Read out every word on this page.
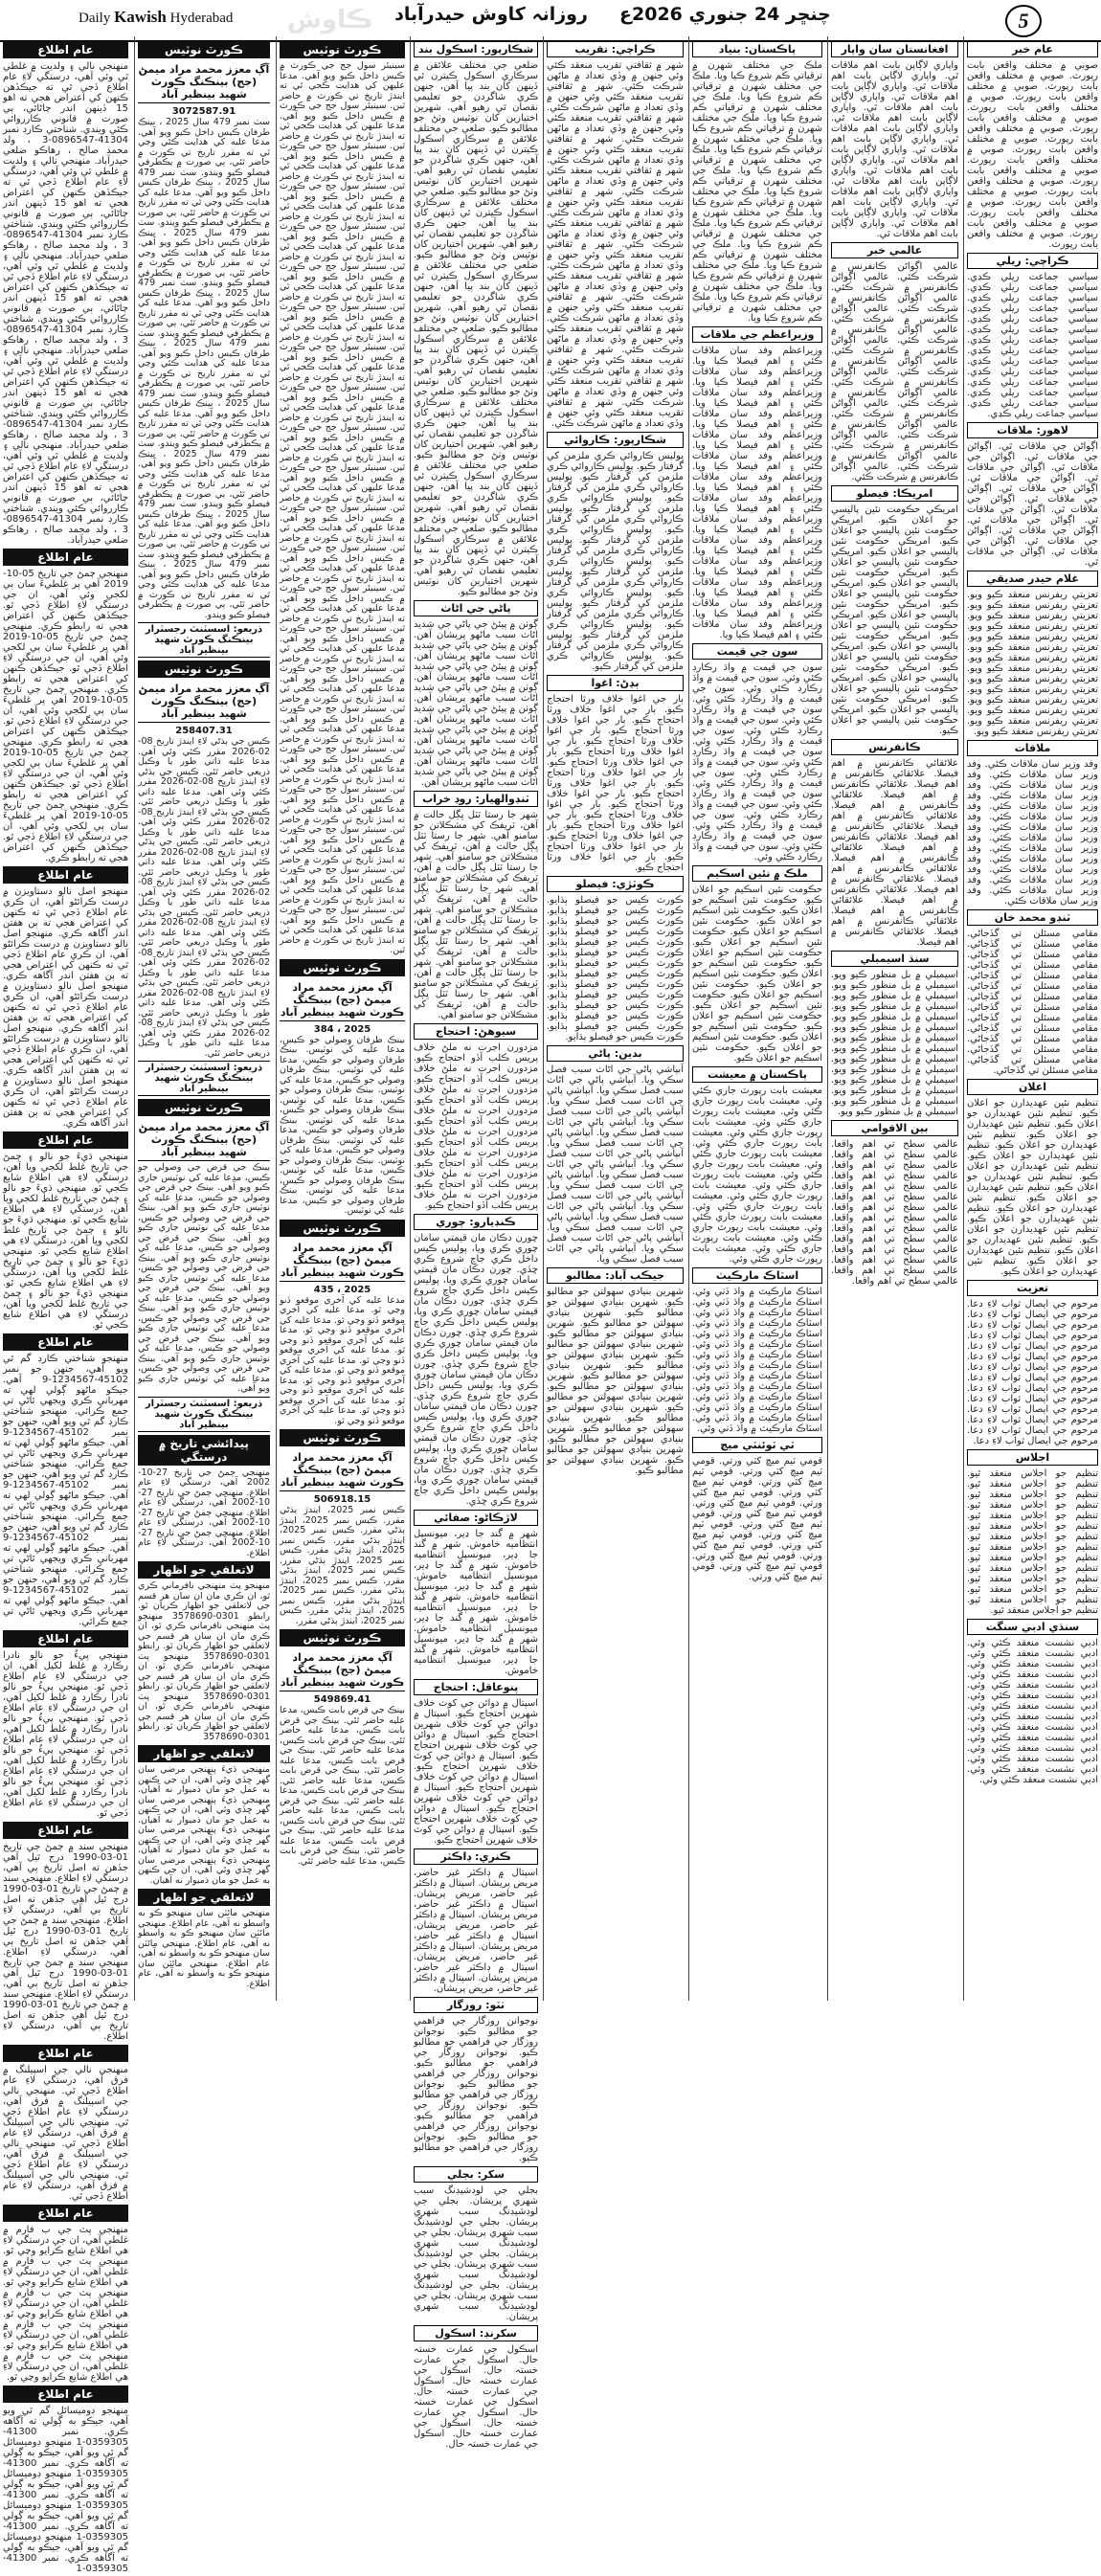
Daily Kawish Hyderabad ڪاوش	چنڇر 24 جنوري 2026ع     روزانہ کاوش حیدرآباد	5
عام اطلاع
منهنجي نالي ۽ ولديت ۾ غلطي ٿي وئي آهي، درستگي لاءِ عام اطلاع ڏجي ٿي ته جيڪڏهن ڪنهن کي اعتراض هجي ته اهو 15 ڏينهن اندر ڄاڻائي، ٻي صورت ۾ قانوني ڪارروائي ڪئي ويندي. شناختي ڪارڊ نمبر 41304-0896547-3 ، ولد محمد صالح ، رهاڪو ضلعي حيدرآباد. منهنجي نالي ۽ ولديت ۾ غلطي ٿي وئي آهي، درستگي لاءِ عام اطلاع ڏجي ٿي ته جيڪڏهن ڪنهن کي اعتراض هجي ته اهو 15 ڏينهن اندر ڄاڻائي، ٻي صورت ۾ قانوني ڪارروائي ڪئي ويندي. شناختي ڪارڊ نمبر 41304-0896547-3 ، ولد محمد صالح ، رهاڪو ضلعي حيدرآباد. منهنجي نالي ۽ ولديت ۾ غلطي ٿي وئي آهي، درستگي لاءِ عام اطلاع ڏجي ٿي ته جيڪڏهن ڪنهن کي اعتراض هجي ته اهو 15 ڏينهن اندر ڄاڻائي، ٻي صورت ۾ قانوني ڪارروائي ڪئي ويندي. شناختي ڪارڊ نمبر 41304-0896547-3 ، ولد محمد صالح ، رهاڪو ضلعي حيدرآباد. منهنجي نالي ۽ ولديت ۾ غلطي ٿي وئي آهي، درستگي لاءِ عام اطلاع ڏجي ٿي ته جيڪڏهن ڪنهن کي اعتراض هجي ته اهو 15 ڏينهن اندر ڄاڻائي، ٻي صورت ۾ قانوني ڪارروائي ڪئي ويندي. شناختي ڪارڊ نمبر 41304-0896547-3 ، ولد محمد صالح ، رهاڪو ضلعي حيدرآباد. منهنجي نالي ۽ ولديت ۾ غلطي ٿي وئي آهي، درستگي لاءِ عام اطلاع ڏجي ٿي ته جيڪڏهن ڪنهن کي اعتراض هجي ته اهو 15 ڏينهن اندر ڄاڻائي، ٻي صورت ۾ قانوني ڪارروائي ڪئي ويندي. شناختي ڪارڊ نمبر 41304-0896547-3 ، ولد محمد صالح ، رهاڪو ضلعي حيدرآباد.
عام اطلاع
منهنجي ڄمڻ جي تاريخ 05-10-2019 آهي پر غلطيءَ سان ٻي لکجي وئي آهي، ان جي درستگي لاءِ اطلاع ڏجي ٿو. جيڪڏهن ڪنهن کي اعتراض هجي ته رابطو ڪري. منهنجي ڄمڻ جي تاريخ 05-10-2019 آهي پر غلطيءَ سان ٻي لکجي وئي آهي، ان جي درستگي لاءِ اطلاع ڏجي ٿو. جيڪڏهن ڪنهن کي اعتراض هجي ته رابطو ڪري. منهنجي ڄمڻ جي تاريخ 05-10-2019 آهي پر غلطيءَ سان ٻي لکجي وئي آهي، ان جي درستگي لاءِ اطلاع ڏجي ٿو. جيڪڏهن ڪنهن کي اعتراض هجي ته رابطو ڪري. منهنجي ڄمڻ جي تاريخ 05-10-2019 آهي پر غلطيءَ سان ٻي لکجي وئي آهي، ان جي درستگي لاءِ اطلاع ڏجي ٿو. جيڪڏهن ڪنهن کي اعتراض هجي ته رابطو ڪري. منهنجي ڄمڻ جي تاريخ 05-10-2019 آهي پر غلطيءَ سان ٻي لکجي وئي آهي، ان جي درستگي لاءِ اطلاع ڏجي ٿو. جيڪڏهن ڪنهن کي اعتراض هجي ته رابطو ڪري.
عام اطلاع
منهنجو اصل نالو دستاويزن ۾ درست ڪرائڻو آهي، ان ڪري عام اطلاع ڏجي ٿي ته ڪنهن کي اعتراض هجي ته ٻن هفتن اندر آگاهه ڪري. منهنجو اصل نالو دستاويزن ۾ درست ڪرائڻو آهي، ان ڪري عام اطلاع ڏجي ٿي ته ڪنهن کي اعتراض هجي ته ٻن هفتن اندر آگاهه ڪري. منهنجو اصل نالو دستاويزن ۾ درست ڪرائڻو آهي، ان ڪري عام اطلاع ڏجي ٿي ته ڪنهن کي اعتراض هجي ته ٻن هفتن اندر آگاهه ڪري. منهنجو اصل نالو دستاويزن ۾ درست ڪرائڻو آهي، ان ڪري عام اطلاع ڏجي ٿي ته ڪنهن کي اعتراض هجي ته ٻن هفتن اندر آگاهه ڪري. منهنجو اصل نالو دستاويزن ۾ درست ڪرائڻو آهي، ان ڪري عام اطلاع ڏجي ٿي ته ڪنهن کي اعتراض هجي ته ٻن هفتن اندر آگاهه ڪري.
عام اطلاع
منهنجي ڌيءَ جو نالو ۽ ڄمڻ جي تاريخ غلط لکجي ويا آهن، درستگي لاءِ هي اطلاع شايع ڪجي ٿو. منهنجي ڌيءَ جو نالو ۽ ڄمڻ جي تاريخ غلط لکجي ويا آهن، درستگي لاءِ هي اطلاع شايع ڪجي ٿو. منهنجي ڌيءَ جو نالو ۽ ڄمڻ جي تاريخ غلط لکجي ويا آهن، درستگي لاءِ هي اطلاع شايع ڪجي ٿو. منهنجي ڌيءَ جو نالو ۽ ڄمڻ جي تاريخ غلط لکجي ويا آهن، درستگي لاءِ هي اطلاع شايع ڪجي ٿو. منهنجي ڌيءَ جو نالو ۽ ڄمڻ جي تاريخ غلط لکجي ويا آهن، درستگي لاءِ هي اطلاع شايع ڪجي ٿو.
عام اطلاع
منهنجو شناختي ڪارڊ گم ٿي ويو آهي، جنهن جو نمبر 45102-1234567-9 آهي. جيڪو ماڻهو ڳولي لهي ته مهرباني ڪري ويجهي ٿاڻي تي جمع ڪرائي. منهنجو شناختي ڪارڊ گم ٿي ويو آهي، جنهن جو نمبر 45102-1234567-9 آهي. جيڪو ماڻهو ڳولي لهي ته مهرباني ڪري ويجهي ٿاڻي تي جمع ڪرائي. منهنجو شناختي ڪارڊ گم ٿي ويو آهي، جنهن جو نمبر 45102-1234567-9 آهي. جيڪو ماڻهو ڳولي لهي ته مهرباني ڪري ويجهي ٿاڻي تي جمع ڪرائي. منهنجو شناختي ڪارڊ گم ٿي ويو آهي، جنهن جو نمبر 45102-1234567-9 آهي. جيڪو ماڻهو ڳولي لهي ته مهرباني ڪري ويجهي ٿاڻي تي جمع ڪرائي. منهنجو شناختي ڪارڊ گم ٿي ويو آهي، جنهن جو نمبر 45102-1234567-9 آهي. جيڪو ماڻهو ڳولي لهي ته مهرباني ڪري ويجهي ٿاڻي تي جمع ڪرائي.
عام اطلاع
منهنجي پيءُ جو نالو نادرا رڪارڊ ۾ غلط لکيل آهي، ان جي درستگي لاءِ عام اطلاع ڏجي ٿو. منهنجي پيءُ جو نالو نادرا رڪارڊ ۾ غلط لکيل آهي، ان جي درستگي لاءِ عام اطلاع ڏجي ٿو. منهنجي پيءُ جو نالو نادرا رڪارڊ ۾ غلط لکيل آهي، ان جي درستگي لاءِ عام اطلاع ڏجي ٿو. منهنجي پيءُ جو نالو نادرا رڪارڊ ۾ غلط لکيل آهي، ان جي درستگي لاءِ عام اطلاع ڏجي ٿو. منهنجي پيءُ جو نالو نادرا رڪارڊ ۾ غلط لکيل آهي، ان جي درستگي لاءِ عام اطلاع ڏجي ٿو.
عام اطلاع
منهنجي سند ۾ ڄمڻ جي تاريخ 01-03-1990 درج ٿيل آهي جڏهن ته اصل تاريخ ٻي آهي، درستگي لاءِ اطلاع. منهنجي سند ۾ ڄمڻ جي تاريخ 01-03-1990 درج ٿيل آهي جڏهن ته اصل تاريخ ٻي آهي، درستگي لاءِ اطلاع. منهنجي سند ۾ ڄمڻ جي تاريخ 01-03-1990 درج ٿيل آهي جڏهن ته اصل تاريخ ٻي آهي، درستگي لاءِ اطلاع. منهنجي سند ۾ ڄمڻ جي تاريخ 01-03-1990 درج ٿيل آهي جڏهن ته اصل تاريخ ٻي آهي، درستگي لاءِ اطلاع. منهنجي سند ۾ ڄمڻ جي تاريخ 01-03-1990 درج ٿيل آهي جڏهن ته اصل تاريخ ٻي آهي، درستگي لاءِ اطلاع.
عام اطلاع
منهنجي نالي جي اسپيلنگ ۾ فرق آهي، درستگي لاءِ عام اطلاع ڏجي ٿي. منهنجي نالي جي اسپيلنگ ۾ فرق آهي، درستگي لاءِ عام اطلاع ڏجي ٿي. منهنجي نالي جي اسپيلنگ ۾ فرق آهي، درستگي لاءِ عام اطلاع ڏجي ٿي. منهنجي نالي جي اسپيلنگ ۾ فرق آهي، درستگي لاءِ عام اطلاع ڏجي ٿي. منهنجي نالي جي اسپيلنگ ۾ فرق آهي، درستگي لاءِ عام اطلاع ڏجي ٿي.
عام اطلاع
منهنجي پٽ جي ب فارم ۾ غلطي آهي، ان جي درستگي لاءِ هي اطلاع شايع ڪرايو وڃي ٿو. منهنجي پٽ جي ب فارم ۾ غلطي آهي، ان جي درستگي لاءِ هي اطلاع شايع ڪرايو وڃي ٿو. منهنجي پٽ جي ب فارم ۾ غلطي آهي، ان جي درستگي لاءِ هي اطلاع شايع ڪرايو وڃي ٿو. منهنجي پٽ جي ب فارم ۾ غلطي آهي، ان جي درستگي لاءِ هي اطلاع شايع ڪرايو وڃي ٿو. منهنجي پٽ جي ب فارم ۾ غلطي آهي، ان جي درستگي لاءِ هي اطلاع شايع ڪرايو وڃي ٿو.
عام اطلاع
منهنجو ڊومیسائل گم ٿي ويو آهي، جيڪو به ڳولي ته آگاهه ڪري. نمبر 41300-0359305-1 منهنجو ڊومیسائل گم ٿي ويو آهي، جيڪو به ڳولي ته آگاهه ڪري. نمبر 41300-0359305-1 منهنجو ڊومیسائل گم ٿي ويو آهي، جيڪو به ڳولي ته آگاهه ڪري. نمبر 41300-0359305-1 منهنجو ڊومیسائل گم ٿي ويو آهي، جيڪو به ڳولي ته آگاهه ڪري. نمبر 41300-0359305-1 منهنجو ڊومیسائل گم ٿي ويو آهي، جيڪو به ڳولي ته آگاهه ڪري. نمبر 41300-0359305-1
ڪورٽ نوٽيس
آڳ معزز محمد مراد ميمڻ (جج) بينڪنگ ڪورٽ شهيد بينظير آباد
3072587.91
سٽ نمبر 479 سال 2025 ، بينڪ طرفان ڪيس داخل ڪيو ويو آهي. مدعا عليه کي هدايت ڪئي وڃي ٿي ته مقرر تاريخ تي ڪورٽ ۾ حاضر ٿئي، ٻي صورت ۾ يڪطرفي فيصلو ڪيو ويندو. سٽ نمبر 479 سال 2025 ، بينڪ طرفان ڪيس داخل ڪيو ويو آهي. مدعا عليه کي هدايت ڪئي وڃي ٿي ته مقرر تاريخ تي ڪورٽ ۾ حاضر ٿئي، ٻي صورت ۾ يڪطرفي فيصلو ڪيو ويندو. سٽ نمبر 479 سال 2025 ، بينڪ طرفان ڪيس داخل ڪيو ويو آهي. مدعا عليه کي هدايت ڪئي وڃي ٿي ته مقرر تاريخ تي ڪورٽ ۾ حاضر ٿئي، ٻي صورت ۾ يڪطرفي فيصلو ڪيو ويندو. سٽ نمبر 479 سال 2025 ، بينڪ طرفان ڪيس داخل ڪيو ويو آهي. مدعا عليه کي هدايت ڪئي وڃي ٿي ته مقرر تاريخ تي ڪورٽ ۾ حاضر ٿئي، ٻي صورت ۾ يڪطرفي فيصلو ڪيو ويندو. سٽ نمبر 479 سال 2025 ، بينڪ طرفان ڪيس داخل ڪيو ويو آهي. مدعا عليه کي هدايت ڪئي وڃي ٿي ته مقرر تاريخ تي ڪورٽ ۾ حاضر ٿئي، ٻي صورت ۾ يڪطرفي فيصلو ڪيو ويندو. سٽ نمبر 479 سال 2025 ، بينڪ طرفان ڪيس داخل ڪيو ويو آهي. مدعا عليه کي هدايت ڪئي وڃي ٿي ته مقرر تاريخ تي ڪورٽ ۾ حاضر ٿئي، ٻي صورت ۾ يڪطرفي فيصلو ڪيو ويندو. سٽ نمبر 479 سال 2025 ، بينڪ طرفان ڪيس داخل ڪيو ويو آهي. مدعا عليه کي هدايت ڪئي وڃي ٿي ته مقرر تاريخ تي ڪورٽ ۾ حاضر ٿئي، ٻي صورت ۾ يڪطرفي فيصلو ڪيو ويندو. سٽ نمبر 479 سال 2025 ، بينڪ طرفان ڪيس داخل ڪيو ويو آهي. مدعا عليه کي هدايت ڪئي وڃي ٿي ته مقرر تاريخ تي ڪورٽ ۾ حاضر ٿئي، ٻي صورت ۾ يڪطرفي فيصلو ڪيو ويندو. سٽ نمبر 479 سال 2025 ، بينڪ طرفان ڪيس داخل ڪيو ويو آهي. مدعا عليه کي هدايت ڪئي وڃي ٿي ته مقرر تاريخ تي ڪورٽ ۾ حاضر ٿئي، ٻي صورت ۾ يڪطرفي فيصلو ڪيو ويندو.
ذريعو: اسسٽنٽ رجسٽرار بينڪنگ ڪورٽ شهيد بينظير آباد
ڪورٽ نوٽيس
آڳ معزز محمد مراد ميمڻ (جج) بينڪنگ ڪورٽ شهيد بينظير آباد
258407.31
ڪيس جي ٻڌڻي لاءِ ايندڙ تاريخ 08-02-2026 مقرر ڪئي وئي آهي. مدعا عليه ذاتي طور يا وڪيل ذريعي حاضر ٿئي. ڪيس جي ٻڌڻي لاءِ ايندڙ تاريخ 08-02-2026 مقرر ڪئي وئي آهي. مدعا عليه ذاتي طور يا وڪيل ذريعي حاضر ٿئي. ڪيس جي ٻڌڻي لاءِ ايندڙ تاريخ 08-02-2026 مقرر ڪئي وئي آهي. مدعا عليه ذاتي طور يا وڪيل ذريعي حاضر ٿئي. ڪيس جي ٻڌڻي لاءِ ايندڙ تاريخ 08-02-2026 مقرر ڪئي وئي آهي. مدعا عليه ذاتي طور يا وڪيل ذريعي حاضر ٿئي. ڪيس جي ٻڌڻي لاءِ ايندڙ تاريخ 08-02-2026 مقرر ڪئي وئي آهي. مدعا عليه ذاتي طور يا وڪيل ذريعي حاضر ٿئي. ڪيس جي ٻڌڻي لاءِ ايندڙ تاريخ 08-02-2026 مقرر ڪئي وئي آهي. مدعا عليه ذاتي طور يا وڪيل ذريعي حاضر ٿئي. ڪيس جي ٻڌڻي لاءِ ايندڙ تاريخ 08-02-2026 مقرر ڪئي وئي آهي. مدعا عليه ذاتي طور يا وڪيل ذريعي حاضر ٿئي. ڪيس جي ٻڌڻي لاءِ ايندڙ تاريخ 08-02-2026 مقرر ڪئي وئي آهي. مدعا عليه ذاتي طور يا وڪيل ذريعي حاضر ٿئي. ڪيس جي ٻڌڻي لاءِ ايندڙ تاريخ 08-02-2026 مقرر ڪئي وئي آهي. مدعا عليه ذاتي طور يا وڪيل ذريعي حاضر ٿئي.
ذريعو: اسسٽنٽ رجسٽرار بينڪنگ ڪورٽ شهيد بينظير آباد
ڪورٽ نوٽيس
آڳ معزز محمد مراد ميمڻ (جج) بينڪنگ ڪورٽ شهيد بينظير آباد
بينڪ جي قرض جي وصولي جو ڪيس، مدعا عليه کي نوٽيس جاري ڪيو ويو آهي. بينڪ جي قرض جي وصولي جو ڪيس، مدعا عليه کي نوٽيس جاري ڪيو ويو آهي. بينڪ جي قرض جي وصولي جو ڪيس، مدعا عليه کي نوٽيس جاري ڪيو ويو آهي. بينڪ جي قرض جي وصولي جو ڪيس، مدعا عليه کي نوٽيس جاري ڪيو ويو آهي. بينڪ جي قرض جي وصولي جو ڪيس، مدعا عليه کي نوٽيس جاري ڪيو ويو آهي. بينڪ جي قرض جي وصولي جو ڪيس، مدعا عليه کي نوٽيس جاري ڪيو ويو آهي. بينڪ جي قرض جي وصولي جو ڪيس، مدعا عليه کي نوٽيس جاري ڪيو ويو آهي. بينڪ جي قرض جي وصولي جو ڪيس، مدعا عليه کي نوٽيس جاري ڪيو ويو آهي. بينڪ جي قرض جي وصولي جو ڪيس، مدعا عليه کي نوٽيس جاري ڪيو ويو آهي.
ذريعو: اسسٽنٽ رجسٽرار بينڪنگ ڪورٽ شهيد بينظير آباد
پيدائشي تاريخ ۾ درستگي
منهنجي ڄمڻ جي تاريخ 27-10-2002 آهي، درستگي لاءِ عام اطلاع. منهنجي ڄمڻ جي تاريخ 27-10-2002 آهي، درستگي لاءِ عام اطلاع. منهنجي ڄمڻ جي تاريخ 27-10-2002 آهي، درستگي لاءِ عام اطلاع. منهنجي ڄمڻ جي تاريخ 27-10-2002 آهي، درستگي لاءِ عام اطلاع.
لاتعلقي جو اظهار
منهنجو پٽ منهنجي نافرماني ڪري ٿو، ان ڪري مان ان سان هر قسم جي لاتعلقي جو اظهار ڪريان ٿو. رابطو 0301-3578690 منهنجو پٽ منهنجي نافرماني ڪري ٿو، ان ڪري مان ان سان هر قسم جي لاتعلقي جو اظهار ڪريان ٿو. رابطو 0301-3578690 منهنجو پٽ منهنجي نافرماني ڪري ٿو، ان ڪري مان ان سان هر قسم جي لاتعلقي جو اظهار ڪريان ٿو. رابطو 0301-3578690 منهنجو پٽ منهنجي نافرماني ڪري ٿو، ان ڪري مان ان سان هر قسم جي لاتعلقي جو اظهار ڪريان ٿو. رابطو 0301-3578690
لاتعلقي جو اظهار
منهنجي ڌيءَ پنهنجي مرضي سان گهر ڇڏي وئي آهي، ان جي ڪنهن به عمل جو مان ذميوار نه آهيان. منهنجي ڌيءَ پنهنجي مرضي سان گهر ڇڏي وئي آهي، ان جي ڪنهن به عمل جو مان ذميوار نه آهيان. منهنجي ڌيءَ پنهنجي مرضي سان گهر ڇڏي وئي آهي، ان جي ڪنهن به عمل جو مان ذميوار نه آهيان. منهنجي ڌيءَ پنهنجي مرضي سان گهر ڇڏي وئي آهي، ان جي ڪنهن به عمل جو مان ذميوار نه آهيان.
لاتعلقي جو اظهار
منهنجي مائٽن سان منهنجو ڪو به واسطو نه آهي، عام اطلاع. منهنجي مائٽن سان منهنجو ڪو به واسطو نه آهي، عام اطلاع. منهنجي مائٽن سان منهنجو ڪو به واسطو نه آهي، عام اطلاع. منهنجي مائٽن سان منهنجو ڪو به واسطو نه آهي، عام اطلاع.
ڪورٽ نوٽيس
سينيئر سول جج جي ڪورٽ ۾ ڪيس داخل ڪيو ويو آهي. مدعا عليهن کي هدايت ڪجي ٿي ته ايندڙ تاريخ تي ڪورٽ ۾ حاضر ٿين. سينيئر سول جج جي ڪورٽ ۾ ڪيس داخل ڪيو ويو آهي. مدعا عليهن کي هدايت ڪجي ٿي ته ايندڙ تاريخ تي ڪورٽ ۾ حاضر ٿين. سينيئر سول جج جي ڪورٽ ۾ ڪيس داخل ڪيو ويو آهي. مدعا عليهن کي هدايت ڪجي ٿي ته ايندڙ تاريخ تي ڪورٽ ۾ حاضر ٿين. سينيئر سول جج جي ڪورٽ ۾ ڪيس داخل ڪيو ويو آهي. مدعا عليهن کي هدايت ڪجي ٿي ته ايندڙ تاريخ تي ڪورٽ ۾ حاضر ٿين. سينيئر سول جج جي ڪورٽ ۾ ڪيس داخل ڪيو ويو آهي. مدعا عليهن کي هدايت ڪجي ٿي ته ايندڙ تاريخ تي ڪورٽ ۾ حاضر ٿين. سينيئر سول جج جي ڪورٽ ۾ ڪيس داخل ڪيو ويو آهي. مدعا عليهن کي هدايت ڪجي ٿي ته ايندڙ تاريخ تي ڪورٽ ۾ حاضر ٿين. سينيئر سول جج جي ڪورٽ ۾ ڪيس داخل ڪيو ويو آهي. مدعا عليهن کي هدايت ڪجي ٿي ته ايندڙ تاريخ تي ڪورٽ ۾ حاضر ٿين. سينيئر سول جج جي ڪورٽ ۾ ڪيس داخل ڪيو ويو آهي. مدعا عليهن کي هدايت ڪجي ٿي ته ايندڙ تاريخ تي ڪورٽ ۾ حاضر ٿين. سينيئر سول جج جي ڪورٽ ۾ ڪيس داخل ڪيو ويو آهي. مدعا عليهن کي هدايت ڪجي ٿي ته ايندڙ تاريخ تي ڪورٽ ۾ حاضر ٿين. سينيئر سول جج جي ڪورٽ ۾ ڪيس داخل ڪيو ويو آهي. مدعا عليهن کي هدايت ڪجي ٿي ته ايندڙ تاريخ تي ڪورٽ ۾ حاضر ٿين. سينيئر سول جج جي ڪورٽ ۾ ڪيس داخل ڪيو ويو آهي. مدعا عليهن کي هدايت ڪجي ٿي ته ايندڙ تاريخ تي ڪورٽ ۾ حاضر ٿين. سينيئر سول جج جي ڪورٽ ۾ ڪيس داخل ڪيو ويو آهي. مدعا عليهن کي هدايت ڪجي ٿي ته ايندڙ تاريخ تي ڪورٽ ۾ حاضر ٿين. سينيئر سول جج جي ڪورٽ ۾ ڪيس داخل ڪيو ويو آهي. مدعا عليهن کي هدايت ڪجي ٿي ته ايندڙ تاريخ تي ڪورٽ ۾ حاضر ٿين. سينيئر سول جج جي ڪورٽ ۾ ڪيس داخل ڪيو ويو آهي. مدعا عليهن کي هدايت ڪجي ٿي ته ايندڙ تاريخ تي ڪورٽ ۾ حاضر ٿين. سينيئر سول جج جي ڪورٽ ۾ ڪيس داخل ڪيو ويو آهي. مدعا عليهن کي هدايت ڪجي ٿي ته ايندڙ تاريخ تي ڪورٽ ۾ حاضر ٿين. سينيئر سول جج جي ڪورٽ ۾ ڪيس داخل ڪيو ويو آهي. مدعا عليهن کي هدايت ڪجي ٿي ته ايندڙ تاريخ تي ڪورٽ ۾ حاضر ٿين. سينيئر سول جج جي ڪورٽ ۾ ڪيس داخل ڪيو ويو آهي. مدعا عليهن کي هدايت ڪجي ٿي ته ايندڙ تاريخ تي ڪورٽ ۾ حاضر ٿين. سينيئر سول جج جي ڪورٽ ۾ ڪيس داخل ڪيو ويو آهي. مدعا عليهن کي هدايت ڪجي ٿي ته ايندڙ تاريخ تي ڪورٽ ۾ حاضر ٿين. سينيئر سول جج جي ڪورٽ ۾ ڪيس داخل ڪيو ويو آهي. مدعا عليهن کي هدايت ڪجي ٿي ته ايندڙ تاريخ تي ڪورٽ ۾ حاضر ٿين. سينيئر سول جج جي ڪورٽ ۾ ڪيس داخل ڪيو ويو آهي. مدعا عليهن کي هدايت ڪجي ٿي ته ايندڙ تاريخ تي ڪورٽ ۾ حاضر ٿين. سينيئر سول جج جي ڪورٽ ۾ ڪيس داخل ڪيو ويو آهي. مدعا عليهن کي هدايت ڪجي ٿي ته ايندڙ تاريخ تي ڪورٽ ۾ حاضر ٿين. سينيئر سول جج جي ڪورٽ ۾ ڪيس داخل ڪيو ويو آهي. مدعا عليهن کي هدايت ڪجي ٿي ته ايندڙ تاريخ تي ڪورٽ ۾ حاضر ٿين.
ڪورٽ نوٽيس
آڳ معزز محمد مراد ميمڻ (جج) بينڪنگ ڪورٽ شهيد بينظير آباد
384 ، 2025
بينڪ طرفان وصولي جو ڪيس، مدعا عليه کي نوٽيس. بينڪ طرفان وصولي جو ڪيس، مدعا عليه کي نوٽيس. بينڪ طرفان وصولي جو ڪيس، مدعا عليه کي نوٽيس. بينڪ طرفان وصولي جو ڪيس، مدعا عليه کي نوٽيس. بينڪ طرفان وصولي جو ڪيس، مدعا عليه کي نوٽيس. بينڪ طرفان وصولي جو ڪيس، مدعا عليه کي نوٽيس. بينڪ طرفان وصولي جو ڪيس، مدعا عليه کي نوٽيس. بينڪ طرفان وصولي جو ڪيس، مدعا عليه کي نوٽيس. بينڪ طرفان وصولي جو ڪيس، مدعا عليه کي نوٽيس. بينڪ طرفان وصولي جو ڪيس، مدعا عليه کي نوٽيس.
ڪورٽ نوٽيس
آڳ معزز محمد مراد ميمڻ (جج) بينڪنگ ڪورٽ شهيد بينظير آباد
435 ، 2025
مدعا عليه کي آخري موقعو ڏنو وڃي ٿو. مدعا عليه کي آخري موقعو ڏنو وڃي ٿو. مدعا عليه کي آخري موقعو ڏنو وڃي ٿو. مدعا عليه کي آخري موقعو ڏنو وڃي ٿو. مدعا عليه کي آخري موقعو ڏنو وڃي ٿو. مدعا عليه کي آخري موقعو ڏنو وڃي ٿو. مدعا عليه کي آخري موقعو ڏنو وڃي ٿو. مدعا عليه کي آخري موقعو ڏنو وڃي ٿو. مدعا عليه کي آخري موقعو ڏنو وڃي ٿو. مدعا عليه کي آخري موقعو ڏنو وڃي ٿو.
ڪورٽ نوٽيس
آڳ معزز محمد مراد ميمڻ (جج) بينڪنگ ڪورٽ شهيد بينظير آباد
506918.15
ڪيس نمبر 2025، ايندڙ ٻڌڻي مقرر. ڪيس نمبر 2025، ايندڙ ٻڌڻي مقرر. ڪيس نمبر 2025، ايندڙ ٻڌڻي مقرر. ڪيس نمبر 2025، ايندڙ ٻڌڻي مقرر. ڪيس نمبر 2025، ايندڙ ٻڌڻي مقرر. ڪيس نمبر 2025، ايندڙ ٻڌڻي مقرر. ڪيس نمبر 2025، ايندڙ ٻڌڻي مقرر. ڪيس نمبر 2025، ايندڙ ٻڌڻي مقرر. ڪيس نمبر 2025، ايندڙ ٻڌڻي مقرر. ڪيس نمبر 2025، ايندڙ ٻڌڻي مقرر.
ڪورٽ نوٽيس
آڳ معزز محمد مراد ميمڻ (جج) بينڪنگ ڪورٽ شهيد بينظير آباد
549869.41
بينڪ جي قرض بابت ڪيس، مدعا عليه حاضر ٿئي. بينڪ جي قرض بابت ڪيس، مدعا عليه حاضر ٿئي. بينڪ جي قرض بابت ڪيس، مدعا عليه حاضر ٿئي. بينڪ جي قرض بابت ڪيس، مدعا عليه حاضر ٿئي. بينڪ جي قرض بابت ڪيس، مدعا عليه حاضر ٿئي. بينڪ جي قرض بابت ڪيس، مدعا عليه حاضر ٿئي. بينڪ جي قرض بابت ڪيس، مدعا عليه حاضر ٿئي. بينڪ جي قرض بابت ڪيس، مدعا عليه حاضر ٿئي. بينڪ جي قرض بابت ڪيس، مدعا عليه حاضر ٿئي. بينڪ جي قرض بابت ڪيس، مدعا عليه حاضر ٿئي.
شڪارپور: اسڪول بند
ضلعي جي مختلف علائقن ۾ سرڪاري اسڪول ڪيترن ئي ڏينهن کان بند پيا آهن، جنهن ڪري شاگردن جو تعليمي نقصان ٿي رهيو آهي. شهرين اختيارين کان نوٽيس وٺڻ جو مطالبو ڪيو. ضلعي جي مختلف علائقن ۾ سرڪاري اسڪول ڪيترن ئي ڏينهن کان بند پيا آهن، جنهن ڪري شاگردن جو تعليمي نقصان ٿي رهيو آهي. شهرين اختيارين کان نوٽيس وٺڻ جو مطالبو ڪيو. ضلعي جي مختلف علائقن ۾ سرڪاري اسڪول ڪيترن ئي ڏينهن کان بند پيا آهن، جنهن ڪري شاگردن جو تعليمي نقصان ٿي رهيو آهي. شهرين اختيارين کان نوٽيس وٺڻ جو مطالبو ڪيو. ضلعي جي مختلف علائقن ۾ سرڪاري اسڪول ڪيترن ئي ڏينهن کان بند پيا آهن، جنهن ڪري شاگردن جو تعليمي نقصان ٿي رهيو آهي. شهرين اختيارين کان نوٽيس وٺڻ جو مطالبو ڪيو. ضلعي جي مختلف علائقن ۾ سرڪاري اسڪول ڪيترن ئي ڏينهن کان بند پيا آهن، جنهن ڪري شاگردن جو تعليمي نقصان ٿي رهيو آهي. شهرين اختيارين کان نوٽيس وٺڻ جو مطالبو ڪيو. ضلعي جي مختلف علائقن ۾ سرڪاري اسڪول ڪيترن ئي ڏينهن کان بند پيا آهن، جنهن ڪري شاگردن جو تعليمي نقصان ٿي رهيو آهي. شهرين اختيارين کان نوٽيس وٺڻ جو مطالبو ڪيو. ضلعي جي مختلف علائقن ۾ سرڪاري اسڪول ڪيترن ئي ڏينهن کان بند پيا آهن، جنهن ڪري شاگردن جو تعليمي نقصان ٿي رهيو آهي. شهرين اختيارين کان نوٽيس وٺڻ جو مطالبو ڪيو. ضلعي جي مختلف علائقن ۾ سرڪاري اسڪول ڪيترن ئي ڏينهن کان بند پيا آهن، جنهن ڪري شاگردن جو تعليمي نقصان ٿي رهيو آهي. شهرين اختيارين کان نوٽيس وٺڻ جو مطالبو ڪيو.
پاڻي جي اڻاٺ
ڳوٺن ۾ پيئڻ جي پاڻي جي شديد اڻاٺ سبب ماڻهو پريشان آهن. ڳوٺن ۾ پيئڻ جي پاڻي جي شديد اڻاٺ سبب ماڻهو پريشان آهن. ڳوٺن ۾ پيئڻ جي پاڻي جي شديد اڻاٺ سبب ماڻهو پريشان آهن. ڳوٺن ۾ پيئڻ جي پاڻي جي شديد اڻاٺ سبب ماڻهو پريشان آهن. ڳوٺن ۾ پيئڻ جي پاڻي جي شديد اڻاٺ سبب ماڻهو پريشان آهن. ڳوٺن ۾ پيئڻ جي پاڻي جي شديد اڻاٺ سبب ماڻهو پريشان آهن. ڳوٺن ۾ پيئڻ جي پاڻي جي شديد اڻاٺ سبب ماڻهو پريشان آهن. ڳوٺن ۾ پيئڻ جي پاڻي جي شديد اڻاٺ سبب ماڻهو پريشان آهن.
ٽنڊوالهيار: روڊ خراب
شهر جا رستا ٽٽل ڀڳل حالت ۾ آهن، ٽريفڪ کي مشڪلاتن جو سامنو آهي. شهر جا رستا ٽٽل ڀڳل حالت ۾ آهن، ٽريفڪ کي مشڪلاتن جو سامنو آهي. شهر جا رستا ٽٽل ڀڳل حالت ۾ آهن، ٽريفڪ کي مشڪلاتن جو سامنو آهي. شهر جا رستا ٽٽل ڀڳل حالت ۾ آهن، ٽريفڪ کي مشڪلاتن جو سامنو آهي. شهر جا رستا ٽٽل ڀڳل حالت ۾ آهن، ٽريفڪ کي مشڪلاتن جو سامنو آهي. شهر جا رستا ٽٽل ڀڳل حالت ۾ آهن، ٽريفڪ کي مشڪلاتن جو سامنو آهي. شهر جا رستا ٽٽل ڀڳل حالت ۾ آهن، ٽريفڪ کي مشڪلاتن جو سامنو آهي. شهر جا رستا ٽٽل ڀڳل حالت ۾ آهن، ٽريفڪ کي مشڪلاتن جو سامنو آهي.
سيوهڻ: احتجاج
مزدورن اجرت نه ملڻ خلاف پريس ڪلب آڏو احتجاج ڪيو. مزدورن اجرت نه ملڻ خلاف پريس ڪلب آڏو احتجاج ڪيو. مزدورن اجرت نه ملڻ خلاف پريس ڪلب آڏو احتجاج ڪيو. مزدورن اجرت نه ملڻ خلاف پريس ڪلب آڏو احتجاج ڪيو. مزدورن اجرت نه ملڻ خلاف پريس ڪلب آڏو احتجاج ڪيو. مزدورن اجرت نه ملڻ خلاف پريس ڪلب آڏو احتجاج ڪيو. مزدورن اجرت نه ملڻ خلاف پريس ڪلب آڏو احتجاج ڪيو. مزدورن اجرت نه ملڻ خلاف پريس ڪلب آڏو احتجاج ڪيو.
ڪنڊيارو: چوري
چورن دڪان مان قيمتي سامان چوري ڪري ويا، پوليس ڪيس داخل ڪري جاچ شروع ڪري ڇڏي. چورن دڪان مان قيمتي سامان چوري ڪري ويا، پوليس ڪيس داخل ڪري جاچ شروع ڪري ڇڏي. چورن دڪان مان قيمتي سامان چوري ڪري ويا، پوليس ڪيس داخل ڪري جاچ شروع ڪري ڇڏي. چورن دڪان مان قيمتي سامان چوري ڪري ويا، پوليس ڪيس داخل ڪري جاچ شروع ڪري ڇڏي. چورن دڪان مان قيمتي سامان چوري ڪري ويا، پوليس ڪيس داخل ڪري جاچ شروع ڪري ڇڏي. چورن دڪان مان قيمتي سامان چوري ڪري ويا، پوليس ڪيس داخل ڪري جاچ شروع ڪري ڇڏي. چورن دڪان مان قيمتي سامان چوري ڪري ويا، پوليس ڪيس داخل ڪري جاچ شروع ڪري ڇڏي. چورن دڪان مان قيمتي سامان چوري ڪري ويا، پوليس ڪيس داخل ڪري جاچ شروع ڪري ڇڏي.
لاڙڪاڻو: صفائي
شهر ۾ گند جا ڍير، ميونسپل انتظاميه خاموش. شهر ۾ گند جا ڍير، ميونسپل انتظاميه خاموش. شهر ۾ گند جا ڍير، ميونسپل انتظاميه خاموش. شهر ۾ گند جا ڍير، ميونسپل انتظاميه خاموش. شهر ۾ گند جا ڍير، ميونسپل انتظاميه خاموش. شهر ۾ گند جا ڍير، ميونسپل انتظاميه خاموش. شهر ۾ گند جا ڍير، ميونسپل انتظاميه خاموش. شهر ۾ گند جا ڍير، ميونسپل انتظاميه خاموش.
پنوعاقل: احتجاج
اسپتال ۾ دوائن جي کوٽ خلاف شهرين احتجاج ڪيو. اسپتال ۾ دوائن جي کوٽ خلاف شهرين احتجاج ڪيو. اسپتال ۾ دوائن جي کوٽ خلاف شهرين احتجاج ڪيو. اسپتال ۾ دوائن جي کوٽ خلاف شهرين احتجاج ڪيو. اسپتال ۾ دوائن جي کوٽ خلاف شهرين احتجاج ڪيو. اسپتال ۾ دوائن جي کوٽ خلاف شهرين احتجاج ڪيو. اسپتال ۾ دوائن جي کوٽ خلاف شهرين احتجاج ڪيو. اسپتال ۾ دوائن جي کوٽ خلاف شهرين احتجاج ڪيو.
ڪنري: ڊاڪٽر
اسپتال ۾ ڊاڪٽر غير حاضر، مريض پريشان. اسپتال ۾ ڊاڪٽر غير حاضر، مريض پريشان. اسپتال ۾ ڊاڪٽر غير حاضر، مريض پريشان. اسپتال ۾ ڊاڪٽر غير حاضر، مريض پريشان. اسپتال ۾ ڊاڪٽر غير حاضر، مريض پريشان. اسپتال ۾ ڊاڪٽر غير حاضر، مريض پريشان. اسپتال ۾ ڊاڪٽر غير حاضر، مريض پريشان. اسپتال ۾ ڊاڪٽر غير حاضر، مريض پريشان.
ٺٽو: روزگار
نوجوانن روزگار جي فراهمي جو مطالبو ڪيو. نوجوانن روزگار جي فراهمي جو مطالبو ڪيو. نوجوانن روزگار جي فراهمي جو مطالبو ڪيو. نوجوانن روزگار جي فراهمي جو مطالبو ڪيو. نوجوانن روزگار جي فراهمي جو مطالبو ڪيو. نوجوانن روزگار جي فراهمي جو مطالبو ڪيو. نوجوانن روزگار جي فراهمي جو مطالبو ڪيو. نوجوانن روزگار جي فراهمي جو مطالبو ڪيو.
سکر: بجلي
بجلي جي لوڊشيڊنگ سبب شهري پريشان. بجلي جي لوڊشيڊنگ سبب شهري پريشان. بجلي جي لوڊشيڊنگ سبب شهري پريشان. بجلي جي لوڊشيڊنگ سبب شهري پريشان. بجلي جي لوڊشيڊنگ سبب شهري پريشان. بجلي جي لوڊشيڊنگ سبب شهري پريشان. بجلي جي لوڊشيڊنگ سبب شهري پريشان. بجلي جي لوڊشيڊنگ سبب شهري پريشان.
سکرنڊ: اسڪول
اسڪول جي عمارت خستہ حال. اسڪول جي عمارت خستہ حال. اسڪول جي عمارت خستہ حال. اسڪول جي عمارت خستہ حال. اسڪول جي عمارت خستہ حال. اسڪول جي عمارت خستہ حال. اسڪول جي عمارت خستہ حال. اسڪول جي عمارت خستہ حال.
ڪراچي: تقريب
شهر ۾ ثقافتي تقريب منعقد ڪئي وئي جنهن ۾ وڏي تعداد ۾ ماڻهن شرڪت ڪئي. شهر ۾ ثقافتي تقريب منعقد ڪئي وئي جنهن ۾ وڏي تعداد ۾ ماڻهن شرڪت ڪئي. شهر ۾ ثقافتي تقريب منعقد ڪئي وئي جنهن ۾ وڏي تعداد ۾ ماڻهن شرڪت ڪئي. شهر ۾ ثقافتي تقريب منعقد ڪئي وئي جنهن ۾ وڏي تعداد ۾ ماڻهن شرڪت ڪئي. شهر ۾ ثقافتي تقريب منعقد ڪئي وئي جنهن ۾ وڏي تعداد ۾ ماڻهن شرڪت ڪئي. شهر ۾ ثقافتي تقريب منعقد ڪئي وئي جنهن ۾ وڏي تعداد ۾ ماڻهن شرڪت ڪئي. شهر ۾ ثقافتي تقريب منعقد ڪئي وئي جنهن ۾ وڏي تعداد ۾ ماڻهن شرڪت ڪئي. شهر ۾ ثقافتي تقريب منعقد ڪئي وئي جنهن ۾ وڏي تعداد ۾ ماڻهن شرڪت ڪئي. شهر ۾ ثقافتي تقريب منعقد ڪئي وئي جنهن ۾ وڏي تعداد ۾ ماڻهن شرڪت ڪئي. شهر ۾ ثقافتي تقريب منعقد ڪئي وئي جنهن ۾ وڏي تعداد ۾ ماڻهن شرڪت ڪئي. شهر ۾ ثقافتي تقريب منعقد ڪئي وئي جنهن ۾ وڏي تعداد ۾ ماڻهن شرڪت ڪئي. شهر ۾ ثقافتي تقريب منعقد ڪئي وئي جنهن ۾ وڏي تعداد ۾ ماڻهن شرڪت ڪئي. شهر ۾ ثقافتي تقريب منعقد ڪئي وئي جنهن ۾ وڏي تعداد ۾ ماڻهن شرڪت ڪئي. شهر ۾ ثقافتي تقريب منعقد ڪئي وئي جنهن ۾ وڏي تعداد ۾ ماڻهن شرڪت ڪئي.
شڪارپور: ڪاروائي
پوليس ڪاروائي ڪري ملزمن کي گرفتار ڪيو. پوليس ڪاروائي ڪري ملزمن کي گرفتار ڪيو. پوليس ڪاروائي ڪري ملزمن کي گرفتار ڪيو. پوليس ڪاروائي ڪري ملزمن کي گرفتار ڪيو. پوليس ڪاروائي ڪري ملزمن کي گرفتار ڪيو. پوليس ڪاروائي ڪري ملزمن کي گرفتار ڪيو. پوليس ڪاروائي ڪري ملزمن کي گرفتار ڪيو. پوليس ڪاروائي ڪري ملزمن کي گرفتار ڪيو. پوليس ڪاروائي ڪري ملزمن کي گرفتار ڪيو. پوليس ڪاروائي ڪري ملزمن کي گرفتار ڪيو. پوليس ڪاروائي ڪري ملزمن کي گرفتار ڪيو. پوليس ڪاروائي ڪري ملزمن کي گرفتار ڪيو. پوليس ڪاروائي ڪري ملزمن کي گرفتار ڪيو. پوليس ڪاروائي ڪري ملزمن کي گرفتار ڪيو.
ٻڍڻ: اغوا
ٻار جي اغوا خلاف ورثا احتجاج ڪيو. ٻار جي اغوا خلاف ورثا احتجاج ڪيو. ٻار جي اغوا خلاف ورثا احتجاج ڪيو. ٻار جي اغوا خلاف ورثا احتجاج ڪيو. ٻار جي اغوا خلاف ورثا احتجاج ڪيو. ٻار جي اغوا خلاف ورثا احتجاج ڪيو. ٻار جي اغوا خلاف ورثا احتجاج ڪيو. ٻار جي اغوا خلاف ورثا احتجاج ڪيو. ٻار جي اغوا خلاف ورثا احتجاج ڪيو. ٻار جي اغوا خلاف ورثا احتجاج ڪيو. ٻار جي اغوا خلاف ورثا احتجاج ڪيو. ٻار جي اغوا خلاف ورثا احتجاج ڪيو. ٻار جي اغوا خلاف ورثا احتجاج ڪيو. ٻار جي اغوا خلاف ورثا احتجاج ڪيو.
ڪوٽڙي: فيصلو
ڪورٽ ڪيس جو فيصلو ٻڌايو. ڪورٽ ڪيس جو فيصلو ٻڌايو. ڪورٽ ڪيس جو فيصلو ٻڌايو. ڪورٽ ڪيس جو فيصلو ٻڌايو. ڪورٽ ڪيس جو فيصلو ٻڌايو. ڪورٽ ڪيس جو فيصلو ٻڌايو. ڪورٽ ڪيس جو فيصلو ٻڌايو. ڪورٽ ڪيس جو فيصلو ٻڌايو. ڪورٽ ڪيس جو فيصلو ٻڌايو. ڪورٽ ڪيس جو فيصلو ٻڌايو. ڪورٽ ڪيس جو فيصلو ٻڌايو. ڪورٽ ڪيس جو فيصلو ٻڌايو. ڪورٽ ڪيس جو فيصلو ٻڌايو. ڪورٽ ڪيس جو فيصلو ٻڌايو.
بدين: پاڻي
آبپاشي پاڻي جي اڻاٺ سبب فصل سڪي ويا. آبپاشي پاڻي جي اڻاٺ سبب فصل سڪي ويا. آبپاشي پاڻي جي اڻاٺ سبب فصل سڪي ويا. آبپاشي پاڻي جي اڻاٺ سبب فصل سڪي ويا. آبپاشي پاڻي جي اڻاٺ سبب فصل سڪي ويا. آبپاشي پاڻي جي اڻاٺ سبب فصل سڪي ويا. آبپاشي پاڻي جي اڻاٺ سبب فصل سڪي ويا. آبپاشي پاڻي جي اڻاٺ سبب فصل سڪي ويا. آبپاشي پاڻي جي اڻاٺ سبب فصل سڪي ويا. آبپاشي پاڻي جي اڻاٺ سبب فصل سڪي ويا. آبپاشي پاڻي جي اڻاٺ سبب فصل سڪي ويا. آبپاشي پاڻي جي اڻاٺ سبب فصل سڪي ويا. آبپاشي پاڻي جي اڻاٺ سبب فصل سڪي ويا. آبپاشي پاڻي جي اڻاٺ سبب فصل سڪي ويا.
جيڪب آباد: مطالبو
شهرين بنيادي سهولتن جو مطالبو ڪيو. شهرين بنيادي سهولتن جو مطالبو ڪيو. شهرين بنيادي سهولتن جو مطالبو ڪيو. شهرين بنيادي سهولتن جو مطالبو ڪيو. شهرين بنيادي سهولتن جو مطالبو ڪيو. شهرين بنيادي سهولتن جو مطالبو ڪيو. شهرين بنيادي سهولتن جو مطالبو ڪيو. شهرين بنيادي سهولتن جو مطالبو ڪيو. شهرين بنيادي سهولتن جو مطالبو ڪيو. شهرين بنيادي سهولتن جو مطالبو ڪيو. شهرين بنيادي سهولتن جو مطالبو ڪيو. شهرين بنيادي سهولتن جو مطالبو ڪيو. شهرين بنيادي سهولتن جو مطالبو ڪيو. شهرين بنيادي سهولتن جو مطالبو ڪيو.
پاڪستان: بنياد
ملڪ جي مختلف شهرن ۾ ترقياتي ڪم شروع ڪيا ويا. ملڪ جي مختلف شهرن ۾ ترقياتي ڪم شروع ڪيا ويا. ملڪ جي مختلف شهرن ۾ ترقياتي ڪم شروع ڪيا ويا. ملڪ جي مختلف شهرن ۾ ترقياتي ڪم شروع ڪيا ويا. ملڪ جي مختلف شهرن ۾ ترقياتي ڪم شروع ڪيا ويا. ملڪ جي مختلف شهرن ۾ ترقياتي ڪم شروع ڪيا ويا. ملڪ جي مختلف شهرن ۾ ترقياتي ڪم شروع ڪيا ويا. ملڪ جي مختلف شهرن ۾ ترقياتي ڪم شروع ڪيا ويا. ملڪ جي مختلف شهرن ۾ ترقياتي ڪم شروع ڪيا ويا. ملڪ جي مختلف شهرن ۾ ترقياتي ڪم شروع ڪيا ويا. ملڪ جي مختلف شهرن ۾ ترقياتي ڪم شروع ڪيا ويا. ملڪ جي مختلف شهرن ۾ ترقياتي ڪم شروع ڪيا ويا. ملڪ جي مختلف شهرن ۾ ترقياتي ڪم شروع ڪيا ويا. ملڪ جي مختلف شهرن ۾ ترقياتي ڪم شروع ڪيا ويا.
وزيراعظم جي ملاقات
وزيراعظم وفد سان ملاقات ڪئي ۽ اهم فيصلا ڪيا ويا. وزيراعظم وفد سان ملاقات ڪئي ۽ اهم فيصلا ڪيا ويا. وزيراعظم وفد سان ملاقات ڪئي ۽ اهم فيصلا ڪيا ويا. وزيراعظم وفد سان ملاقات ڪئي ۽ اهم فيصلا ڪيا ويا. وزيراعظم وفد سان ملاقات ڪئي ۽ اهم فيصلا ڪيا ويا. وزيراعظم وفد سان ملاقات ڪئي ۽ اهم فيصلا ڪيا ويا. وزيراعظم وفد سان ملاقات ڪئي ۽ اهم فيصلا ڪيا ويا. وزيراعظم وفد سان ملاقات ڪئي ۽ اهم فيصلا ڪيا ويا. وزيراعظم وفد سان ملاقات ڪئي ۽ اهم فيصلا ڪيا ويا. وزيراعظم وفد سان ملاقات ڪئي ۽ اهم فيصلا ڪيا ويا. وزيراعظم وفد سان ملاقات ڪئي ۽ اهم فيصلا ڪيا ويا. وزيراعظم وفد سان ملاقات ڪئي ۽ اهم فيصلا ڪيا ويا. وزيراعظم وفد سان ملاقات ڪئي ۽ اهم فيصلا ڪيا ويا. وزيراعظم وفد سان ملاقات ڪئي ۽ اهم فيصلا ڪيا ويا.
سون جي قيمت
سون جي قيمت ۾ واڌ رڪارڊ ڪئي وئي. سون جي قيمت ۾ واڌ رڪارڊ ڪئي وئي. سون جي قيمت ۾ واڌ رڪارڊ ڪئي وئي. سون جي قيمت ۾ واڌ رڪارڊ ڪئي وئي. سون جي قيمت ۾ واڌ رڪارڊ ڪئي وئي. سون جي قيمت ۾ واڌ رڪارڊ ڪئي وئي. سون جي قيمت ۾ واڌ رڪارڊ ڪئي وئي. سون جي قيمت ۾ واڌ رڪارڊ ڪئي وئي. سون جي قيمت ۾ واڌ رڪارڊ ڪئي وئي. سون جي قيمت ۾ واڌ رڪارڊ ڪئي وئي. سون جي قيمت ۾ واڌ رڪارڊ ڪئي وئي. سون جي قيمت ۾ واڌ رڪارڊ ڪئي وئي. سون جي قيمت ۾ واڌ رڪارڊ ڪئي وئي. سون جي قيمت ۾ واڌ رڪارڊ ڪئي وئي.
ملڪ ۾ نئين اسڪيم
حڪومت نئين اسڪيم جو اعلان ڪيو. حڪومت نئين اسڪيم جو اعلان ڪيو. حڪومت نئين اسڪيم جو اعلان ڪيو. حڪومت نئين اسڪيم جو اعلان ڪيو. حڪومت نئين اسڪيم جو اعلان ڪيو. حڪومت نئين اسڪيم جو اعلان ڪيو. حڪومت نئين اسڪيم جو اعلان ڪيو. حڪومت نئين اسڪيم جو اعلان ڪيو. حڪومت نئين اسڪيم جو اعلان ڪيو. حڪومت نئين اسڪيم جو اعلان ڪيو. حڪومت نئين اسڪيم جو اعلان ڪيو. حڪومت نئين اسڪيم جو اعلان ڪيو. حڪومت نئين اسڪيم جو اعلان ڪيو. حڪومت نئين اسڪيم جو اعلان ڪيو.
پاڪستان ۾ معيشت
معيشت بابت رپورٽ جاري ڪئي وئي. معيشت بابت رپورٽ جاري ڪئي وئي. معيشت بابت رپورٽ جاري ڪئي وئي. معيشت بابت رپورٽ جاري ڪئي وئي. معيشت بابت رپورٽ جاري ڪئي وئي. معيشت بابت رپورٽ جاري ڪئي وئي. معيشت بابت رپورٽ جاري ڪئي وئي. معيشت بابت رپورٽ جاري ڪئي وئي. معيشت بابت رپورٽ جاري ڪئي وئي. معيشت بابت رپورٽ جاري ڪئي وئي. معيشت بابت رپورٽ جاري ڪئي وئي. معيشت بابت رپورٽ جاري ڪئي وئي. معيشت بابت رپورٽ جاري ڪئي وئي. معيشت بابت رپورٽ جاري ڪئي وئي.
اسٽاڪ مارڪيٽ
اسٽاڪ مارڪيٽ ۾ واڌ ڏٺي وئي. اسٽاڪ مارڪيٽ ۾ واڌ ڏٺي وئي. اسٽاڪ مارڪيٽ ۾ واڌ ڏٺي وئي. اسٽاڪ مارڪيٽ ۾ واڌ ڏٺي وئي. اسٽاڪ مارڪيٽ ۾ واڌ ڏٺي وئي. اسٽاڪ مارڪيٽ ۾ واڌ ڏٺي وئي. اسٽاڪ مارڪيٽ ۾ واڌ ڏٺي وئي. اسٽاڪ مارڪيٽ ۾ واڌ ڏٺي وئي. اسٽاڪ مارڪيٽ ۾ واڌ ڏٺي وئي. اسٽاڪ مارڪيٽ ۾ واڌ ڏٺي وئي. اسٽاڪ مارڪيٽ ۾ واڌ ڏٺي وئي. اسٽاڪ مارڪيٽ ۾ واڌ ڏٺي وئي. اسٽاڪ مارڪيٽ ۾ واڌ ڏٺي وئي. اسٽاڪ مارڪيٽ ۾ واڌ ڏٺي وئي.
ٽي ٽوئنٽي ميچ
قومي ٽيم ميچ کٽي ورتي. قومي ٽيم ميچ کٽي ورتي. قومي ٽيم ميچ کٽي ورتي. قومي ٽيم ميچ کٽي ورتي. قومي ٽيم ميچ کٽي ورتي. قومي ٽيم ميچ کٽي ورتي. قومي ٽيم ميچ کٽي ورتي. قومي ٽيم ميچ کٽي ورتي. قومي ٽيم ميچ کٽي ورتي. قومي ٽيم ميچ کٽي ورتي. قومي ٽيم ميچ کٽي ورتي. قومي ٽيم ميچ کٽي ورتي. قومي ٽيم ميچ کٽي ورتي. قومي ٽيم ميچ کٽي ورتي.
افغانستان سان واپار
واپاري لاڳاپن بابت اهم ملاقات ٿي. واپاري لاڳاپن بابت اهم ملاقات ٿي. واپاري لاڳاپن بابت اهم ملاقات ٿي. واپاري لاڳاپن بابت اهم ملاقات ٿي. واپاري لاڳاپن بابت اهم ملاقات ٿي. واپاري لاڳاپن بابت اهم ملاقات ٿي. واپاري لاڳاپن بابت اهم ملاقات ٿي. واپاري لاڳاپن بابت اهم ملاقات ٿي. واپاري لاڳاپن بابت اهم ملاقات ٿي. واپاري لاڳاپن بابت اهم ملاقات ٿي. واپاري لاڳاپن بابت اهم ملاقات ٿي. واپاري لاڳاپن بابت اهم ملاقات ٿي. واپاري لاڳاپن بابت اهم ملاقات ٿي. واپاري لاڳاپن بابت اهم ملاقات ٿي.
عالمي خبر
عالمي اڳواڻن ڪانفرنس ۾ شرڪت ڪئي. عالمي اڳواڻن ڪانفرنس ۾ شرڪت ڪئي. عالمي اڳواڻن ڪانفرنس ۾ شرڪت ڪئي. عالمي اڳواڻن ڪانفرنس ۾ شرڪت ڪئي. عالمي اڳواڻن ڪانفرنس ۾ شرڪت ڪئي. عالمي اڳواڻن ڪانفرنس ۾ شرڪت ڪئي. عالمي اڳواڻن ڪانفرنس ۾ شرڪت ڪئي. عالمي اڳواڻن ڪانفرنس ۾ شرڪت ڪئي. عالمي اڳواڻن ڪانفرنس ۾ شرڪت ڪئي. عالمي اڳواڻن ڪانفرنس ۾ شرڪت ڪئي. عالمي اڳواڻن ڪانفرنس ۾ شرڪت ڪئي. عالمي اڳواڻن ڪانفرنس ۾ شرڪت ڪئي. عالمي اڳواڻن ڪانفرنس ۾ شرڪت ڪئي. عالمي اڳواڻن ڪانفرنس ۾ شرڪت ڪئي.
امريڪا: فيصلو
امريڪي حڪومت نئين پاليسي جو اعلان ڪيو. امريڪي حڪومت نئين پاليسي جو اعلان ڪيو. امريڪي حڪومت نئين پاليسي جو اعلان ڪيو. امريڪي حڪومت نئين پاليسي جو اعلان ڪيو. امريڪي حڪومت نئين پاليسي جو اعلان ڪيو. امريڪي حڪومت نئين پاليسي جو اعلان ڪيو. امريڪي حڪومت نئين پاليسي جو اعلان ڪيو. امريڪي حڪومت نئين پاليسي جو اعلان ڪيو. امريڪي حڪومت نئين پاليسي جو اعلان ڪيو. امريڪي حڪومت نئين پاليسي جو اعلان ڪيو. امريڪي حڪومت نئين پاليسي جو اعلان ڪيو. امريڪي حڪومت نئين پاليسي جو اعلان ڪيو. امريڪي حڪومت نئين پاليسي جو اعلان ڪيو. امريڪي حڪومت نئين پاليسي جو اعلان ڪيو.
ڪانفرنس
علائقائي ڪانفرنس ۾ اهم فيصلا. علائقائي ڪانفرنس ۾ اهم فيصلا. علائقائي ڪانفرنس ۾ اهم فيصلا. علائقائي ڪانفرنس ۾ اهم فيصلا. علائقائي ڪانفرنس ۾ اهم فيصلا. علائقائي ڪانفرنس ۾ اهم فيصلا. علائقائي ڪانفرنس ۾ اهم فيصلا. علائقائي ڪانفرنس ۾ اهم فيصلا. علائقائي ڪانفرنس ۾ اهم فيصلا. علائقائي ڪانفرنس ۾ اهم فيصلا. علائقائي ڪانفرنس ۾ اهم فيصلا. علائقائي ڪانفرنس ۾ اهم فيصلا. علائقائي ڪانفرنس ۾ اهم فيصلا. علائقائي ڪانفرنس ۾ اهم فيصلا.
سنڌ اسيمبلي
اسيمبلي ۾ بل منظور ڪيو ويو. اسيمبلي ۾ بل منظور ڪيو ويو. اسيمبلي ۾ بل منظور ڪيو ويو. اسيمبلي ۾ بل منظور ڪيو ويو. اسيمبلي ۾ بل منظور ڪيو ويو. اسيمبلي ۾ بل منظور ڪيو ويو. اسيمبلي ۾ بل منظور ڪيو ويو. اسيمبلي ۾ بل منظور ڪيو ويو. اسيمبلي ۾ بل منظور ڪيو ويو. اسيمبلي ۾ بل منظور ڪيو ويو. اسيمبلي ۾ بل منظور ڪيو ويو. اسيمبلي ۾ بل منظور ڪيو ويو. اسيمبلي ۾ بل منظور ڪيو ويو. اسيمبلي ۾ بل منظور ڪيو ويو.
بين الاقوامي
عالمي سطح تي اهم واقعا. عالمي سطح تي اهم واقعا. عالمي سطح تي اهم واقعا. عالمي سطح تي اهم واقعا. عالمي سطح تي اهم واقعا. عالمي سطح تي اهم واقعا. عالمي سطح تي اهم واقعا. عالمي سطح تي اهم واقعا. عالمي سطح تي اهم واقعا. عالمي سطح تي اهم واقعا. عالمي سطح تي اهم واقعا. عالمي سطح تي اهم واقعا. عالمي سطح تي اهم واقعا. عالمي سطح تي اهم واقعا.
عام خبر
صوبي ۾ مختلف واقعن بابت رپورٽ. صوبي ۾ مختلف واقعن بابت رپورٽ. صوبي ۾ مختلف واقعن بابت رپورٽ. صوبي ۾ مختلف واقعن بابت رپورٽ. صوبي ۾ مختلف واقعن بابت رپورٽ. صوبي ۾ مختلف واقعن بابت رپورٽ. صوبي ۾ مختلف واقعن بابت رپورٽ. صوبي ۾ مختلف واقعن بابت رپورٽ. صوبي ۾ مختلف واقعن بابت رپورٽ. صوبي ۾ مختلف واقعن بابت رپورٽ. صوبي ۾ مختلف واقعن بابت رپورٽ. صوبي ۾ مختلف واقعن بابت رپورٽ. صوبي ۾ مختلف واقعن بابت رپورٽ. صوبي ۾ مختلف واقعن بابت رپورٽ.
ڪراچي: ريلي
سياسي جماعت ريلي ڪڍي. سياسي جماعت ريلي ڪڍي. سياسي جماعت ريلي ڪڍي. سياسي جماعت ريلي ڪڍي. سياسي جماعت ريلي ڪڍي. سياسي جماعت ريلي ڪڍي. سياسي جماعت ريلي ڪڍي. سياسي جماعت ريلي ڪڍي. سياسي جماعت ريلي ڪڍي. سياسي جماعت ريلي ڪڍي. سياسي جماعت ريلي ڪڍي. سياسي جماعت ريلي ڪڍي. سياسي جماعت ريلي ڪڍي. سياسي جماعت ريلي ڪڍي.
لاهور: ملاقات
اڳواڻن جي ملاقات ٿي. اڳواڻن جي ملاقات ٿي. اڳواڻن جي ملاقات ٿي. اڳواڻن جي ملاقات ٿي. اڳواڻن جي ملاقات ٿي. اڳواڻن جي ملاقات ٿي. اڳواڻن جي ملاقات ٿي. اڳواڻن جي ملاقات ٿي. اڳواڻن جي ملاقات ٿي. اڳواڻن جي ملاقات ٿي. اڳواڻن جي ملاقات ٿي. اڳواڻن جي ملاقات ٿي. اڳواڻن جي ملاقات ٿي. اڳواڻن جي ملاقات ٿي.
غلام حيدر صديقي
تعزيتي ريفرنس منعقد ڪيو ويو. تعزيتي ريفرنس منعقد ڪيو ويو. تعزيتي ريفرنس منعقد ڪيو ويو. تعزيتي ريفرنس منعقد ڪيو ويو. تعزيتي ريفرنس منعقد ڪيو ويو. تعزيتي ريفرنس منعقد ڪيو ويو. تعزيتي ريفرنس منعقد ڪيو ويو. تعزيتي ريفرنس منعقد ڪيو ويو. تعزيتي ريفرنس منعقد ڪيو ويو. تعزيتي ريفرنس منعقد ڪيو ويو. تعزيتي ريفرنس منعقد ڪيو ويو. تعزيتي ريفرنس منعقد ڪيو ويو. تعزيتي ريفرنس منعقد ڪيو ويو. تعزيتي ريفرنس منعقد ڪيو ويو.
ملاقات
وفد وزير سان ملاقات ڪئي. وفد وزير سان ملاقات ڪئي. وفد وزير سان ملاقات ڪئي. وفد وزير سان ملاقات ڪئي. وفد وزير سان ملاقات ڪئي. وفد وزير سان ملاقات ڪئي. وفد وزير سان ملاقات ڪئي. وفد وزير سان ملاقات ڪئي. وفد وزير سان ملاقات ڪئي. وفد وزير سان ملاقات ڪئي. وفد وزير سان ملاقات ڪئي. وفد وزير سان ملاقات ڪئي. وفد وزير سان ملاقات ڪئي. وفد وزير سان ملاقات ڪئي.
ٽنڊو محمد خان
مقامي مسئلن تي گڏجاڻي. مقامي مسئلن تي گڏجاڻي. مقامي مسئلن تي گڏجاڻي. مقامي مسئلن تي گڏجاڻي. مقامي مسئلن تي گڏجاڻي. مقامي مسئلن تي گڏجاڻي. مقامي مسئلن تي گڏجاڻي. مقامي مسئلن تي گڏجاڻي. مقامي مسئلن تي گڏجاڻي. مقامي مسئلن تي گڏجاڻي. مقامي مسئلن تي گڏجاڻي. مقامي مسئلن تي گڏجاڻي. مقامي مسئلن تي گڏجاڻي. مقامي مسئلن تي گڏجاڻي.
اعلان
تنظيم نئين عهديدارن جو اعلان ڪيو. تنظيم نئين عهديدارن جو اعلان ڪيو. تنظيم نئين عهديدارن جو اعلان ڪيو. تنظيم نئين عهديدارن جو اعلان ڪيو. تنظيم نئين عهديدارن جو اعلان ڪيو. تنظيم نئين عهديدارن جو اعلان ڪيو. تنظيم نئين عهديدارن جو اعلان ڪيو. تنظيم نئين عهديدارن جو اعلان ڪيو. تنظيم نئين عهديدارن جو اعلان ڪيو. تنظيم نئين عهديدارن جو اعلان ڪيو. تنظيم نئين عهديدارن جو اعلان ڪيو. تنظيم نئين عهديدارن جو اعلان ڪيو. تنظيم نئين عهديدارن جو اعلان ڪيو. تنظيم نئين عهديدارن جو اعلان ڪيو.
تعزيت
مرحوم جي ايصال ثواب لاءِ دعا. مرحوم جي ايصال ثواب لاءِ دعا. مرحوم جي ايصال ثواب لاءِ دعا. مرحوم جي ايصال ثواب لاءِ دعا. مرحوم جي ايصال ثواب لاءِ دعا. مرحوم جي ايصال ثواب لاءِ دعا. مرحوم جي ايصال ثواب لاءِ دعا. مرحوم جي ايصال ثواب لاءِ دعا. مرحوم جي ايصال ثواب لاءِ دعا. مرحوم جي ايصال ثواب لاءِ دعا. مرحوم جي ايصال ثواب لاءِ دعا. مرحوم جي ايصال ثواب لاءِ دعا. مرحوم جي ايصال ثواب لاءِ دعا. مرحوم جي ايصال ثواب لاءِ دعا.
اجلاس
تنظيم جو اجلاس منعقد ٿيو. تنظيم جو اجلاس منعقد ٿيو. تنظيم جو اجلاس منعقد ٿيو. تنظيم جو اجلاس منعقد ٿيو. تنظيم جو اجلاس منعقد ٿيو. تنظيم جو اجلاس منعقد ٿيو. تنظيم جو اجلاس منعقد ٿيو. تنظيم جو اجلاس منعقد ٿيو. تنظيم جو اجلاس منعقد ٿيو. تنظيم جو اجلاس منعقد ٿيو. تنظيم جو اجلاس منعقد ٿيو. تنظيم جو اجلاس منعقد ٿيو. تنظيم جو اجلاس منعقد ٿيو. تنظيم جو اجلاس منعقد ٿيو.
سنڌي ادبي سنگت
ادبي نشست منعقد ڪئي وئي. ادبي نشست منعقد ڪئي وئي. ادبي نشست منعقد ڪئي وئي. ادبي نشست منعقد ڪئي وئي. ادبي نشست منعقد ڪئي وئي. ادبي نشست منعقد ڪئي وئي. ادبي نشست منعقد ڪئي وئي. ادبي نشست منعقد ڪئي وئي. ادبي نشست منعقد ڪئي وئي. ادبي نشست منعقد ڪئي وئي. ادبي نشست منعقد ڪئي وئي. ادبي نشست منعقد ڪئي وئي. ادبي نشست منعقد ڪئي وئي. ادبي نشست منعقد ڪئي وئي.
